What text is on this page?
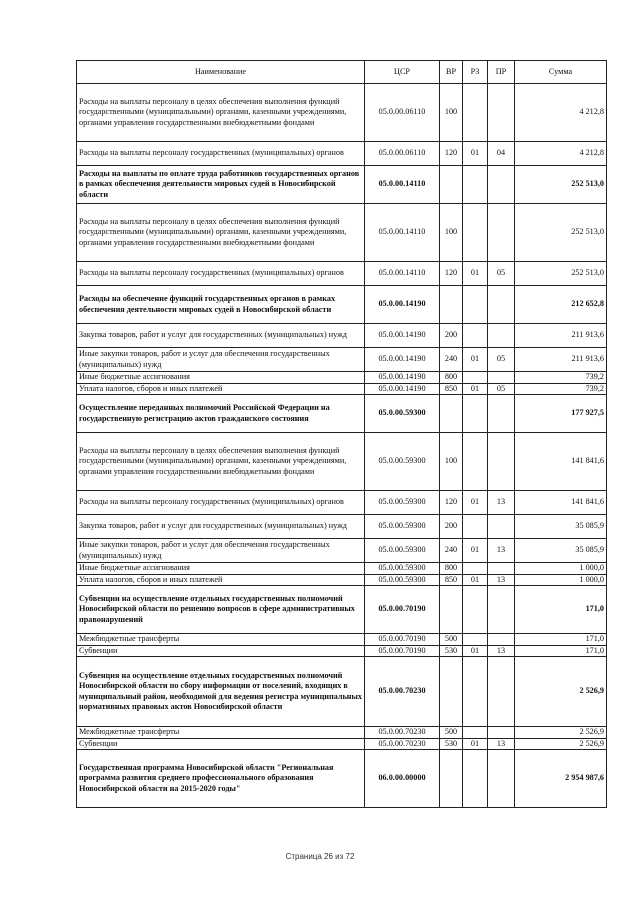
Наименование	ЦСР	ВР	РЗ	ПР	Сумма
Расходы на выплаты персоналу в целях обеспечения выполнения функций государственными (муниципальными) органами, казенными учреждениями, органами управления государственными внебюджетными фондами	05.0.00.06110	100			4 212,8
Расходы на выплаты персоналу государственных (муниципальных) органов	05.0.00.06110	120	01	04	4 212,8
Расходы на выплаты по оплате труда работников государственных органов в рамках обеспечения деятельности мировых судей в Новосибирской области	05.0.00.14110				252 513,0
Расходы на выплаты персоналу в целях обеспечения выполнения функций государственными (муниципальными) органами, казенными учреждениями, органами управления государственными внебюджетными фондами	05.0.00.14110	100			252 513,0
Расходы на выплаты персоналу государственных (муниципальных) органов	05.0.00.14110	120	01	05	252 513,0
Расходы на обеспечение функций государственных органов в рамках обеспечения деятельности мировых судей в Новосибирской области	05.0.00.14190				212 652,8
Закупка товаров, работ и услуг для государственных (муниципальных) нужд	05.0.00.14190	200			211 913,6
Иные закупки товаров, работ и услуг для обеспечения государственных (муниципальных) нужд	05.0.00.14190	240	01	05	211 913,6
Иные бюджетные ассигнования	05.0.00.14190	800			739,2
Уплата налогов, сборов и иных платежей	05.0.00.14190	850	01	05	739,2
Осуществление переданных полномочий Российской Федерации на государственную регистрацию актов гражданского состояния	05.0.00.59300				177 927,5
Расходы на выплаты персоналу в целях обеспечения выполнения функций государственными (муниципальными) органами, казенными учреждениями, органами управления государственными внебюджетными фондами	05.0.00.59300	100			141 841,6
Расходы на выплаты персоналу государственных (муниципальных) органов	05.0.00.59300	120	01	13	141 841,6
Закупка товаров, работ и услуг для государственных (муниципальных) нужд	05.0.00.59300	200			35 085,9
Иные закупки товаров, работ и услуг для обеспечения государственных (муниципальных) нужд	05.0.00.59300	240	01	13	35 085,9
Иные бюджетные ассигнования	05.0.00.59300	800			1 000,0
Уплата налогов, сборов и иных платежей	05.0.00.59300	850	01	13	1 000,0
Субвенции на осуществление отдельных государственных полномочий Новосибирской области по решению вопросов в сфере административных правонарушений	05.0.00.70190				171,0
Межбюджетные трансферты	05.0.00.70190	500			171,0
Субвенции	05.0.00.70190	530	01	13	171,0
Субвенция на осуществление отдельных государственных полномочий Новосибирской области по сбору информации от поселений, входящих в муниципальный район, необходимой для ведения регистра муниципальных нормативных правовых актов Новосибирской области	05.0.00.70230				2 526,9
Межбюджетные трансферты	05.0.00.70230	500			2 526,9
Субвенции	05.0.00.70230	530	01	13	2 526,9
Государственная программа Новосибирской области "Региональная программа развития среднего профессионального образования Новосибирской области на 2015-2020 годы"	06.0.00.00000				2 954 987,6
Страница 26 из 72
